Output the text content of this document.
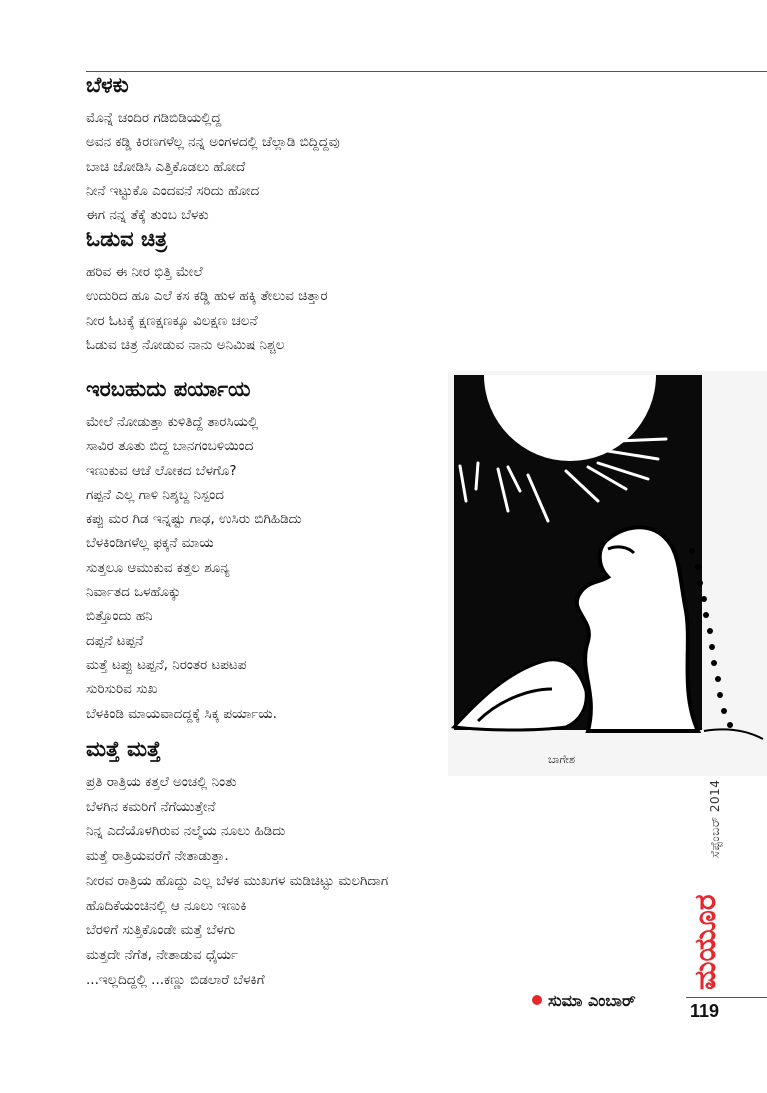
ಬೆಳಕು
ಮೊನ್ನೆ ಚಂದಿರ ಗಡಿಬಿಡಿಯಲ್ಲಿದ್ದ
ಅವನ ಕಡ್ಡಿ ಕಿರಣಗಳೆಲ್ಲ ನನ್ನ ಅಂಗಳದಲ್ಲಿ ಚೆಲ್ಲಾಡಿ ಬಿದ್ದಿದ್ದವು
ಬಾಚಿ ಜೋಡಿಸಿ ಎತ್ತಿಕೊಡಲು ಹೋದೆ
ನೀನೆ ಇಟ್ಟುಕೊ ಎಂದವನೆ ಸರಿದು ಹೋದ
ಈಗ ನನ್ನ ತೆಕ್ಕೆ ತುಂಬ ಬೆಳಕು
ಓಡುವ ಚಿತ್ರ
ಹರಿವ ಈ ನೀರ ಭಿತ್ತಿ ಮೇಲೆ
ಉದುರಿದ ಹೂ ಎಲೆ ಕಸ ಕಡ್ಡಿ ಹುಳ ಹಕ್ಕಿ ತೇಲುವ ಚಿತ್ತಾರ
ನೀರ ಓಟಕ್ಕೆ ಕ್ಷಣಕ್ಷಣಕ್ಕೂ ವಿಲಕ್ಷಣ ಚಲನೆ
ಓಡುವ ಚಿತ್ರ ನೋಡುವ ನಾನು ಅನಿಮಿಷ ನಿಶ್ಚಲ
ಇರಬಹುದು ಪರ್ಯಾಯ
ಮೇಲೆ ನೋಡುತ್ತಾ ಕುಳಿತಿದ್ದೆ ತಾರಸಿಯಲ್ಲಿ
ಸಾವಿರ ತೂತು ಬಿದ್ದ ಬಾನಗಂಬಳಿಯಿಂದ
ಇಣುಕುವ ಆಚೆ ಲೋಕದ ಬೆಳಗೊ?
ಗಪ್ಪನೆ ಎಲ್ಲ ಗಾಳಿ ನಿಶ್ಶಬ್ದ ನಿಸ್ಪಂದ
ಕಪ್ಪು ಮರ ಗಿಡ ಇನ್ನಷ್ಟು ಗಾಢ, ಉಸಿರು ಬಿಗಿಹಿಡಿದು
ಬೆಳಕಿಂಡಿಗಳೆಲ್ಲ ಫಕ್ಕನೆ ಮಾಯ
ಸುತ್ತಲೂ ಆಮುಕುವ ಕತ್ತಲ ಶೂನ್ಯ
ನಿರ್ವಾತದ ಒಳಹೊಕ್ಕು
ಬಿತ್ತೊಂದು ಹನಿ
ದಪ್ಪನೆ ಟಪ್ಪನೆ
ಮತ್ತೆ ಟಪ್ಪು ಟಪ್ಪನೆ, ನಿರಂತರ ಟಪಟಪ
ಸುರಿಸುರಿವ ಸುಖ
ಬೆಳಕಿಂಡಿ ಮಾಯವಾದದ್ದಕ್ಕೆ ಸಿಕ್ಕ ಪರ್ಯಾಯ.
ಮತ್ತೆ ಮತ್ತೆ
ಪ್ರತಿ ರಾತ್ರಿಯ ಕತ್ತಲೆ ಅಂಚಲ್ಲಿ ನಿಂತು
ಬೆಳಗಿನ ಕಮರಿಗೆ ನೆಗೆಯುತ್ತೇನೆ
ನಿನ್ನ ಎದೆಯೊಳಗಿರುವ ನಲ್ಮೆಯ ನೂಲು ಹಿಡಿದು
ಮತ್ತೆ ರಾತ್ರಿಯವರೆಗೆ ನೇತಾಡುತ್ತಾ.
ನೀರವ ರಾತ್ರಿಯ ಹೊದ್ದು ಎಲ್ಲ ಬೆಳಕ ಮುಖಗಳ ಮಡಿಚಿಟ್ಟು ಮಲಗಿದಾಗ
ಹೊದಿಕೆಯಂಚಿನಲ್ಲಿ ಆ ನೂಲು ಇಣುಕಿ
ಬೆರಳಿಗೆ ಸುತ್ತಿಕೊಂಡೇ ಮತ್ತೆ ಬೆಳಗು
ಮತ್ತದೇ ನೆಗೆತ, ನೇತಾಡುವ ಧೈರ್ಯ
...ಇಲ್ಲದಿದ್ದಲ್ಲಿ ...ಕಣ್ಣು ಬಿಡಲಾರೆ ಬೆಳಕಿಗೆ
ಬಾಗೇಶ
ಸೆಪ್ಟೆಂಬರ್ 2014
ಮಯೂರ
ಸುಮಾ ಎಂಬಾರ್
119
